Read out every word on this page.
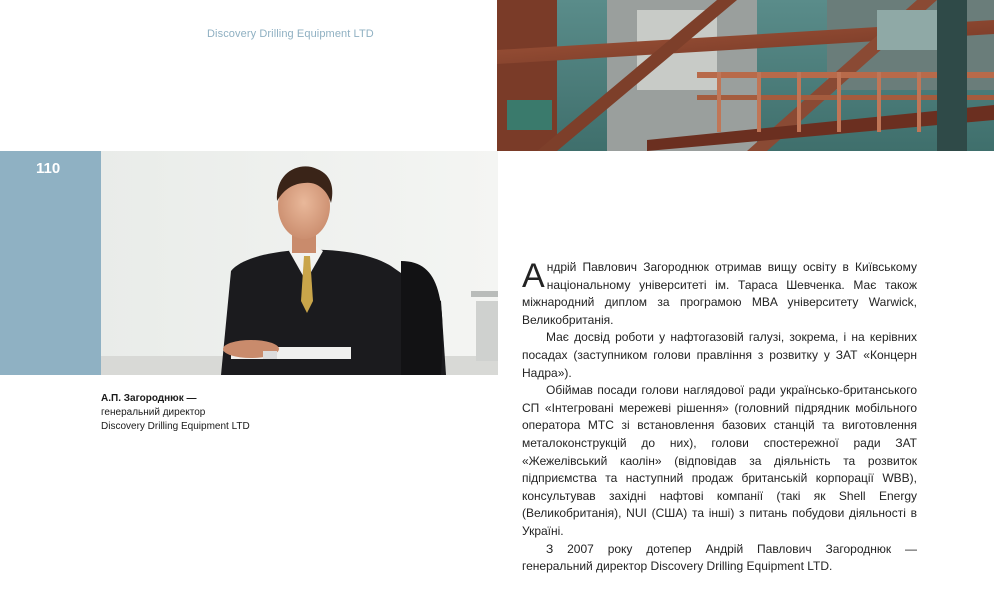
Discovery Drilling Equipment LTD
110
А.П. Загороднюк —
генеральний директор
Discovery Drilling Equipment LTD

Андрій Павлович Загороднюк отримав вищу освіту в Київському національному університеті ім. Тараса Шевченка. Має також міжнародний диплом за програмою MBA університету Warwick, Великобританія.

Має досвід роботи у нафтогазовій галузі, зокрема, і на керівних посадах (заступником голови правління з розвитку у ЗАТ «Концерн Надра»).

Обіймав посади голови наглядової ради українсько-британського СП «Інтегровані мережеві рішення» (головний підрядник мобільного оператора МТС зі встановлення базових станцій та виготовлення металоконструкцій до них), голови спостережної ради ЗАТ «Жежелівський каолін» (відповідав за діяльність та розвиток підприємства та наступний продаж британській корпорації WBB), консультував західні нафтові компанії (такі як Shell Energy (Великобританія), NUI (США) та інші) з питань побудови діяльності в Україні.

З 2007 року дотепер Андрій Павлович Загороднюк — генеральний директор Discovery Drilling Equipment LTD.
